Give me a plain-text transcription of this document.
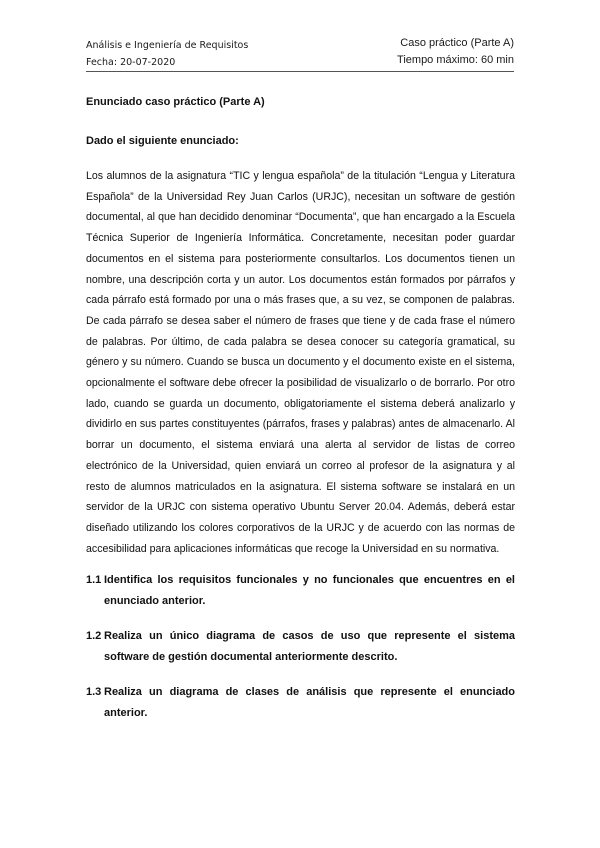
Análisis e Ingeniería de Requisitos
Fecha: 20-07-2020
Caso práctico (Parte A)
Tiempo máximo: 60 min
Enunciado caso práctico (Parte A)
Dado el siguiente enunciado:

Los alumnos de la asignatura “TIC y lengua española” de la titulación “Lengua y Literatura Española” de la Universidad Rey Juan Carlos (URJC), necesitan un software de gestión documental, al que han decidido denominar “Documenta”, que han encargado a la Escuela Técnica Superior de Ingeniería Informática. Concretamente, necesitan poder guardar documentos en el sistema para posteriormente consultarlos. Los documentos tienen un nombre, una descripción corta y un autor. Los documentos están formados por párrafos y cada párrafo está formado por una o más frases que, a su vez, se componen de palabras. De cada párrafo se desea saber el número de frases que tiene y de cada frase el número de palabras. Por último, de cada palabra se desea conocer su categoría gramatical, su género y su número. Cuando se busca un documento y el documento existe en el sistema, opcionalmente el software debe ofrecer la posibilidad de visualizarlo o de borrarlo. Por otro lado, cuando se guarda un documento, obligatoriamente el sistema deberá analizarlo y dividirlo en sus partes constituyentes (párrafos, frases y palabras) antes de almacenarlo. Al borrar un documento, el sistema enviará una alerta al servidor de listas de correo electrónico de la Universidad, quien enviará un correo al profesor de la asignatura y al resto de alumnos matriculados en la asignatura. El sistema software se instalará en un servidor de la URJC con sistema operativo Ubuntu Server 20.04. Además, deberá estar diseñado utilizando los colores corporativos de la URJC y de acuerdo con las normas de accesibilidad para aplicaciones informáticas que recoge la Universidad en su normativa.

1.1 Identifica los requisitos funcionales y no funcionales que encuentres en el enunciado anterior.
1.2 Realiza un único diagrama de casos de uso que represente el sistema software de gestión documental anteriormente descrito.
1.3 Realiza un diagrama de clases de análisis que represente el enunciado anterior.
